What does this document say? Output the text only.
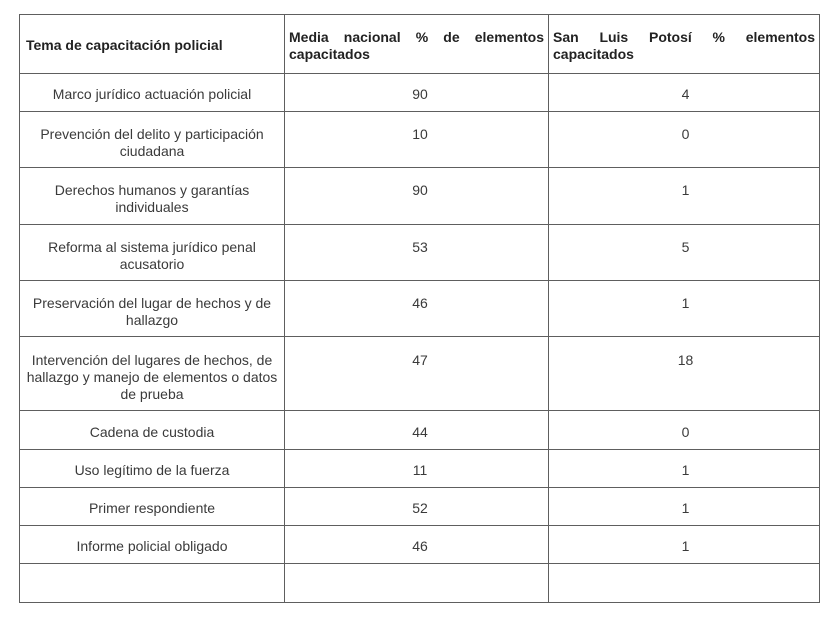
Tema de capacitación policial	Media nacional % de elementos capacitados	San Luis Potosí % elementos capacitados
Marco jurídico actuación policial	90	4
Prevención del delito y participación ciudadana	10	0
Derechos humanos y garantías individuales	90	1
Reforma al sistema jurídico penal acusatorio	53	5
Preservación del lugar de hechos y de hallazgo	46	1
Intervención del lugares de hechos, de hallazgo y manejo de elementos o datos de prueba	47	18
Cadena de custodia	44	0
Uso legítimo de la fuerza	11	1
Primer respondiente	52	1
Informe policial obligado	46	1
